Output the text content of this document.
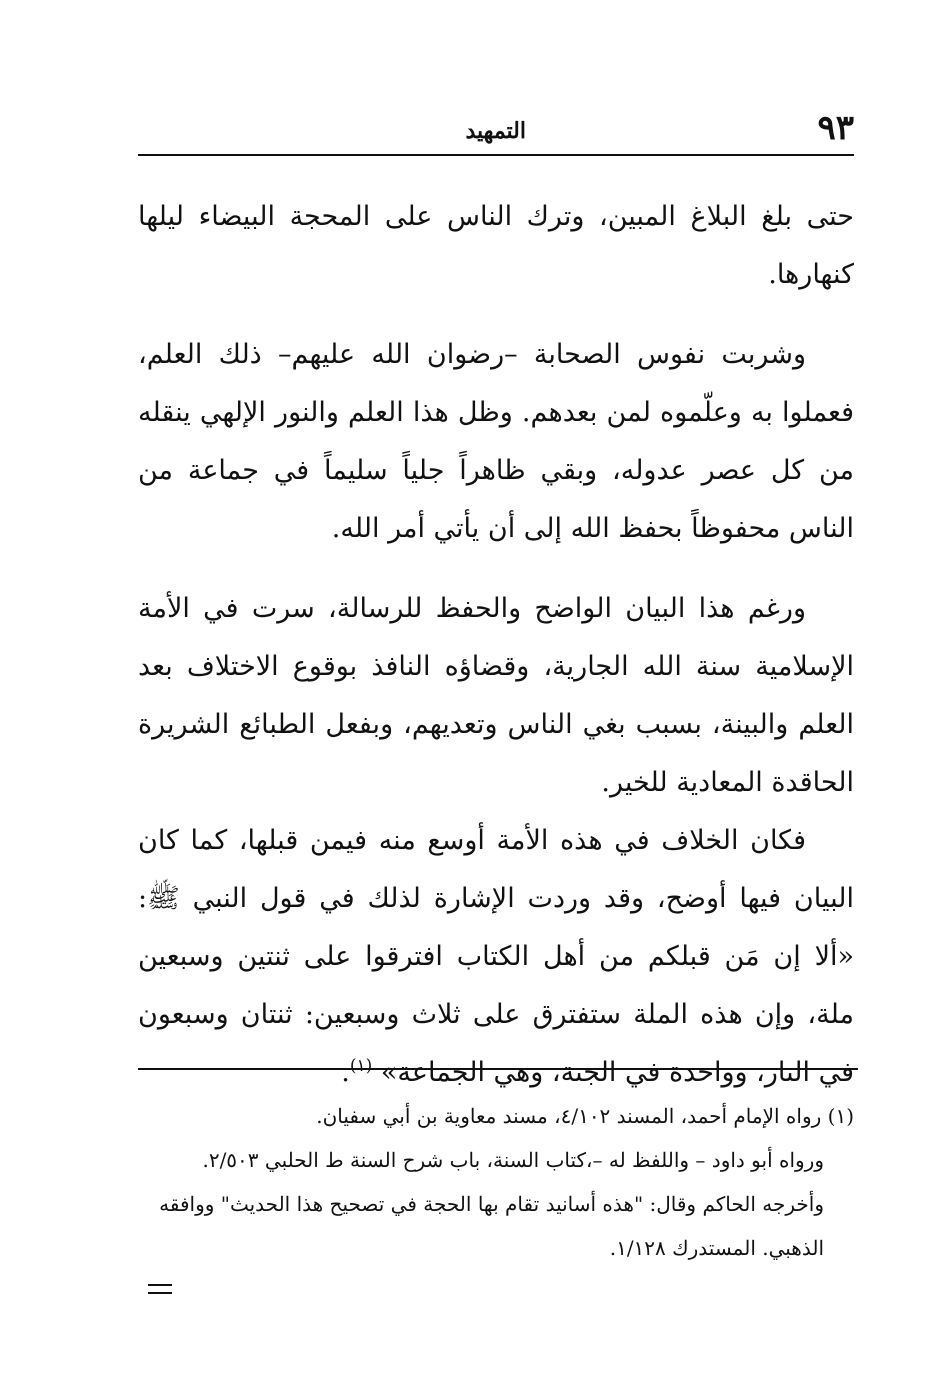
٩٣
التمهيد

حتى بلغ البلاغ المبين، وترك الناس على المحجة البيضاء ليلها كنهارها.

وشربت نفوس الصحابة –رضوان الله عليهم– ذلك العلم، فعملوا به وعلّموه لمن بعدهم. وظل هذا العلم والنور الإلهي ينقله من كل عصر عدوله، وبقي ظاهراً جلياً سليماً في جماعة من الناس محفوظاً بحفظ الله إلى أن يأتي أمر الله.

ورغم هذا البيان الواضح والحفظ للرسالة، سرت في الأمة الإسلامية سنة الله الجارية، وقضاؤه النافذ بوقوع الاختلاف بعد العلم والبينة، بسبب بغي الناس وتعديهم، وبفعل الطبائع الشريرة الحاقدة المعادية للخير.

فكان الخلاف في هذه الأمة أوسع منه فيمن قبلها، كما كان البيان فيها أوضح، وقد وردت الإشارة لذلك في قول النبي ﷺ: «ألا إن مَن قبلكم من أهل الكتاب افترقوا على ثنتين وسبعين ملة، وإن هذه الملة ستفترق على ثلاث وسبعين: ثنتان وسبعون في النار، وواحدة في الجنة، وهي الجماعة» $^{(١)}$.

(١) رواه الإمام أحمد، المسند ٤/١٠٢، مسند معاوية بن أبي سفيان.

ورواه أبو داود – واللفظ له –،كتاب السنة، باب شرح السنة ط الحلبي ٢/٥٠٣.

وأخرجه الحاكم وقال: "هذه أسانيد تقام بها الحجة في تصحيح هذا الحديث" ووافقه الذهبي. المستدرك ١/١٢٨.
